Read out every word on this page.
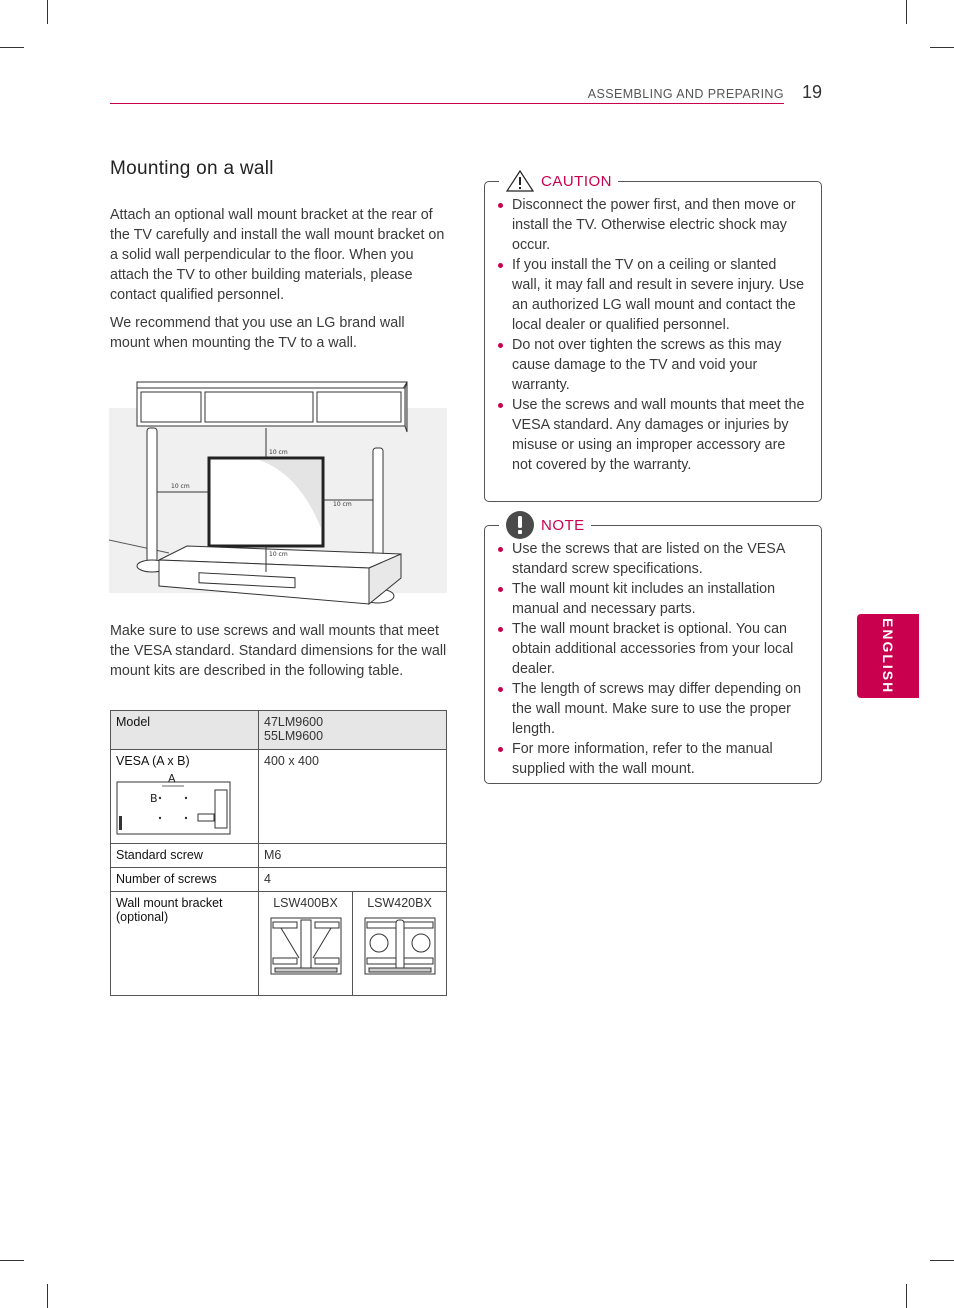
ASSEMBLING AND PREPARING 19
ENGLISH
Mounting on a wall

Attach an optional wall mount bracket at the rear of the TV carefully and install the wall mount bracket on a solid wall perpendicular to the floor. When you attach the TV to other building materials, please contact qualified personnel.

We recommend that you use an LG brand wall mount when mounting the TV to a wall.

10 cm
10 cm
10 cm
10 cm

Make sure to use screws and wall mounts that meet the VESA standard. Standard dimensions for the wall mount kits are described in the following table.

Model	47LM9600
55LM9600

VESA (A x B)
A
B	400 x 400
Standard screw	M6
Number of screws	4
Wall mount bracket (optional)	LSW400BX LSW420BX
CAUTION
Disconnect the power first, and then move or install the TV. Otherwise electric shock may occur.
If you install the TV on a ceiling or slanted wall, it may fall and result in severe injury. Use an authorized LG wall mount and contact the local dealer or qualified personnel.
Do not over tighten the screws as this may cause damage to the TV and void your warranty.
Use the screws and wall mounts that meet the VESA standard. Any damages or injuries by misuse or using an improper accessory are not covered by the warranty.
NOTE
Use the screws that are listed on the VESA standard screw specifications.
The wall mount kit includes an installation manual and necessary parts.
The wall mount bracket is optional. You can obtain additional accessories from your local dealer.
The length of screws may differ depending on the wall mount. Make sure to use the proper length.
For more information, refer to the manual supplied with the wall mount.
